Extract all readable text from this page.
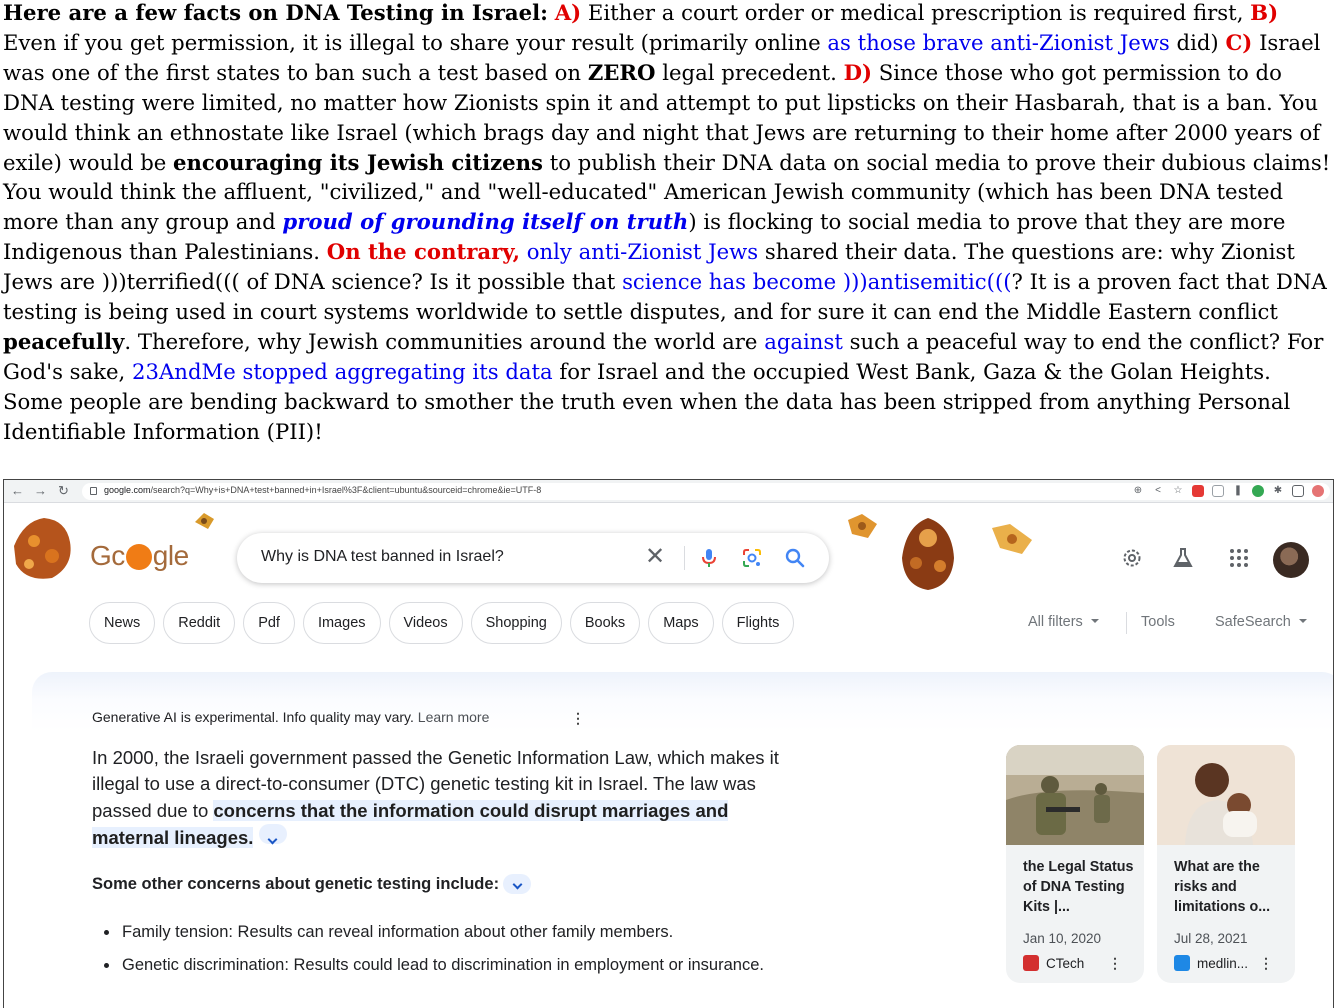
Here are a few facts on DNA Testing in Israel: A) Either a court order or medical prescription is required first, B) Even if you get permission, it is illegal to share your result (primarily online as those brave anti-Zionist Jews did) C) Israel was one of the first states to ban such a test based on ZERO legal precedent. D) Since those who got permission to do DNA testing were limited, no matter how Zionists spin it and attempt to put lipsticks on their Hasbarah, that is a ban. You would think an ethnostate like Israel (which brags day and night that Jews are returning to their home after 2000 years of exile) would be encouraging its Jewish citizens to publish their DNA data on social media to prove their dubious claims! You would think the affluent, "civilized," and "well-educated" American Jewish community (which has been DNA tested more than any group and proud of grounding itself on truth) is flocking to social media to prove that they are more Indigenous than Palestinians. On the contrary, only anti-Zionist Jews shared their data. The questions are: why Zionist Jews are )))terrified((( of DNA science? Is it possible that science has become )))antisemitic(((? It is a proven fact that DNA testing is being used in court systems worldwide to settle disputes, and for sure it can end the Middle Eastern conflict peacefully. Therefore, why Jewish communities around the world are against such a peaceful way to end the conflict? For God's sake, 23AndMe stopped aggregating its data for Israel and the occupied West Bank, Gaza & the Golan Heights. Some people are bending backward to smother the truth even when the data has been stripped from anything Personal Identifiable Information (PII)!
← → ↻	google.com/search?q=Why+is+DNA+test+banned+in+Israel%3F&client=ubuntu&sourceid=chrome&ie=UTF-8	⊕	<	☆	❚	✱
Gc gle	Why is DNA test banned in Israel?	✕
News	Reddit	Pdf	Images	Videos	Shopping	Books	Maps	Flights	All filters	Tools	SafeSearch
Generative AI is experimental. Info quality may vary. Learn more	⋮
In 2000, the Israeli government passed the Genetic Information Law, which makes it illegal to use a direct-to-consumer (DTC) genetic testing kit in Israel. The law was passed due to concerns that the information could disrupt marriages and maternal lineages.
Some other concerns about genetic testing include:
Family tension: Results can reveal information about other family members.
Genetic discrimination: Results could lead to discrimination in employment or insurance.
the Legal Status of DNA Testing Kits |...
Jan 10, 2020
CTech ⋮
What are the risks and limitations o...
Jul 28, 2021
medlin... ⋮
